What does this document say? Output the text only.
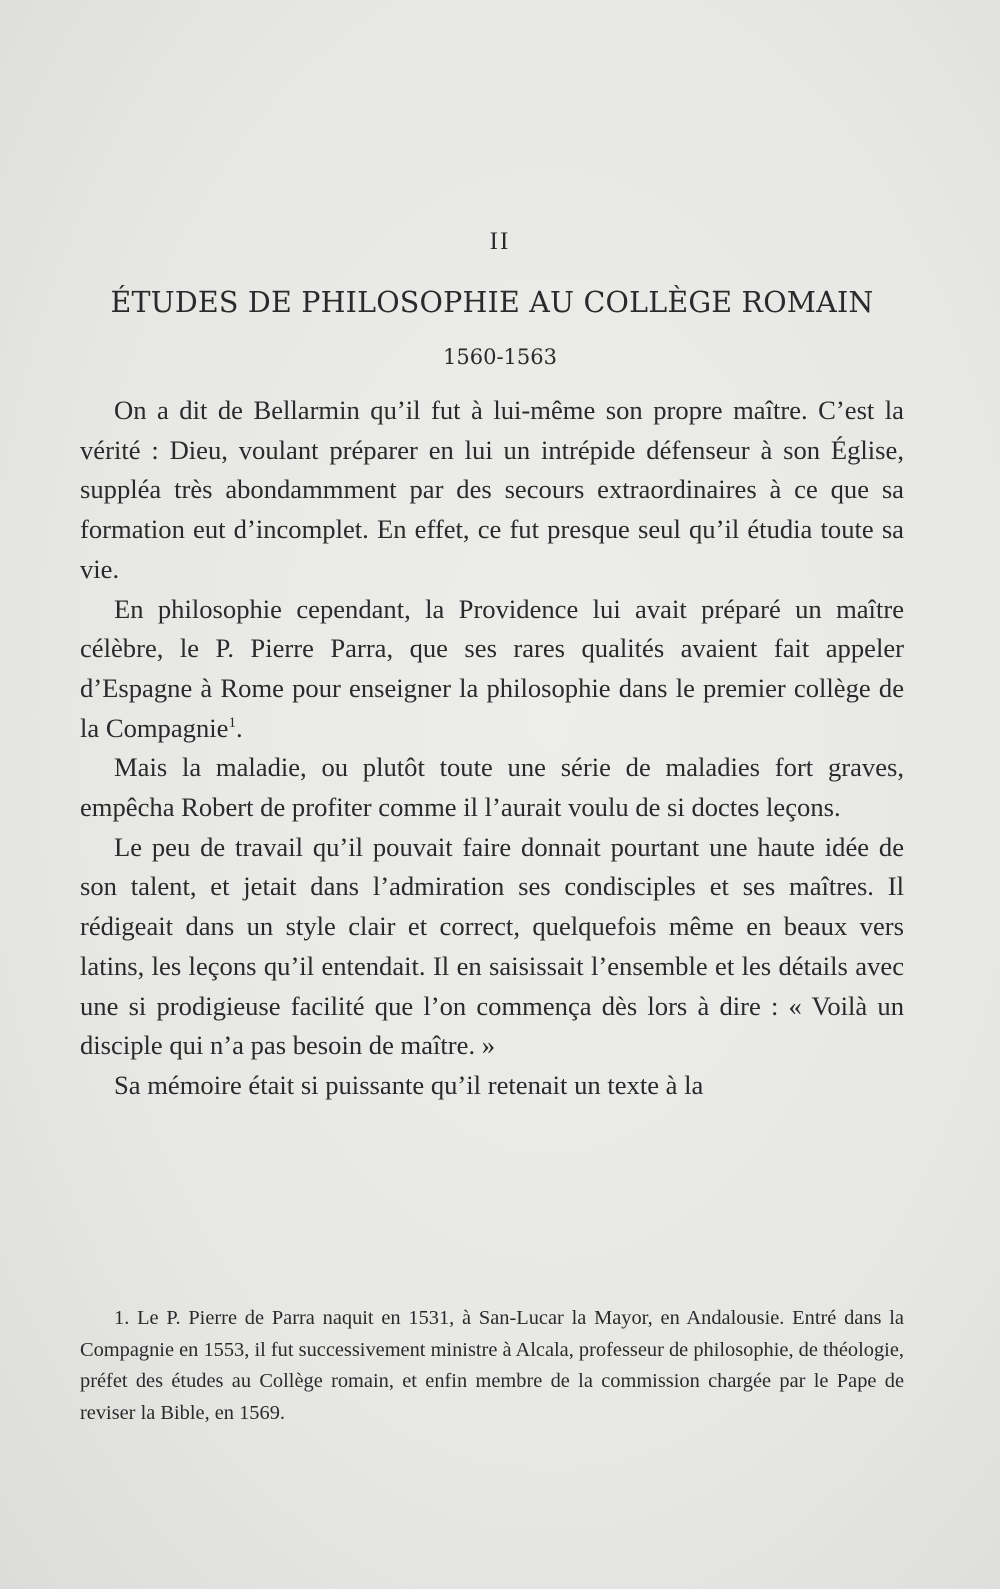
II
ÉTUDES DE PHILOSOPHIE AU COLLÈGE ROMAIN
1560-1563

On a dit de Bellarmin qu’il fut à lui-même son propre maître. C’est la vérité : Dieu, voulant préparer en lui un intrépide défenseur à son Église, suppléa très abondammment par des secours extraordinaires à ce que sa formation eut d’incomplet. En effet, ce fut presque seul qu’il étudia toute sa vie.

En philosophie cependant, la Providence lui avait préparé un maître célèbre, le P. Pierre Parra, que ses rares qualités avaient fait appeler d’Espagne à Rome pour enseigner la philosophie dans le premier collège de la Compagnie$^1$.

Mais la maladie, ou plutôt toute une série de maladies fort graves, empêcha Robert de profiter comme il l’aurait voulu de si doctes leçons.

Le peu de travail qu’il pouvait faire donnait pourtant une haute idée de son talent, et jetait dans l’admiration ses condisciples et ses maîtres. Il rédigeait dans un style clair et correct, quelquefois même en beaux vers latins, les leçons qu’il entendait. Il en saisissait l’ensemble et les détails avec une si prodigieuse facilité que l’on commença dès lors à dire : « Voilà un disciple qui n’a pas besoin de maître. »

Sa mémoire était si puissante qu’il retenait un texte à la

1. Le P. Pierre de Parra naquit en 1531, à San-Lucar la Mayor, en Andalousie. Entré dans la Compagnie en 1553, il fut successivement ministre à Alcala, professeur de philosophie, de théologie, préfet des études au Collège romain, et enfin membre de la commission chargée par le Pape de reviser la Bible, en 1569.
